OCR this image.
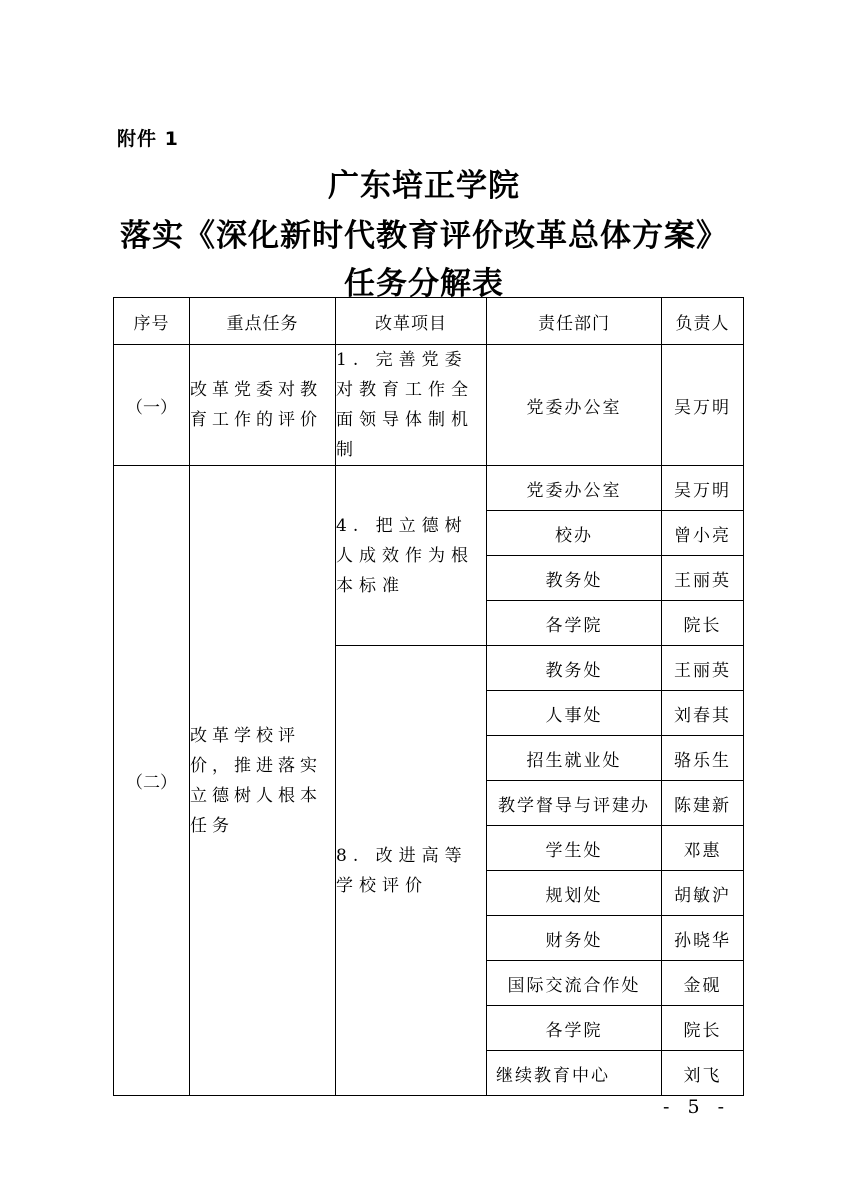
附件 1
广东培正学院
落实《深化新时代教育评价改革总体方案》
任务分解表
序号	重点任务	改革项目	责任部门	负责人
（一）	改革党委对教育工作的评价	1. 完善党委对教育工作全面领导体制机制	党委办公室	吴万明
（二）	改革学校评价，推进落实立德树人根本任务	4. 把立德树人成效作为根本标准	党委办公室	吴万明
			校办	曾小亮
			教务处	王丽英
			各学院	院长
		8. 改进高等学校评价	教务处	王丽英
			人事处	刘春其
			招生就业处	骆乐生
			教学督导与评建办	陈建新
			学生处	邓惠
			规划处	胡敏沪
			财务处	孙晓华
			国际交流合作处	金砚
			各学院	院长
			继续教育中心	刘飞
- 5 -
